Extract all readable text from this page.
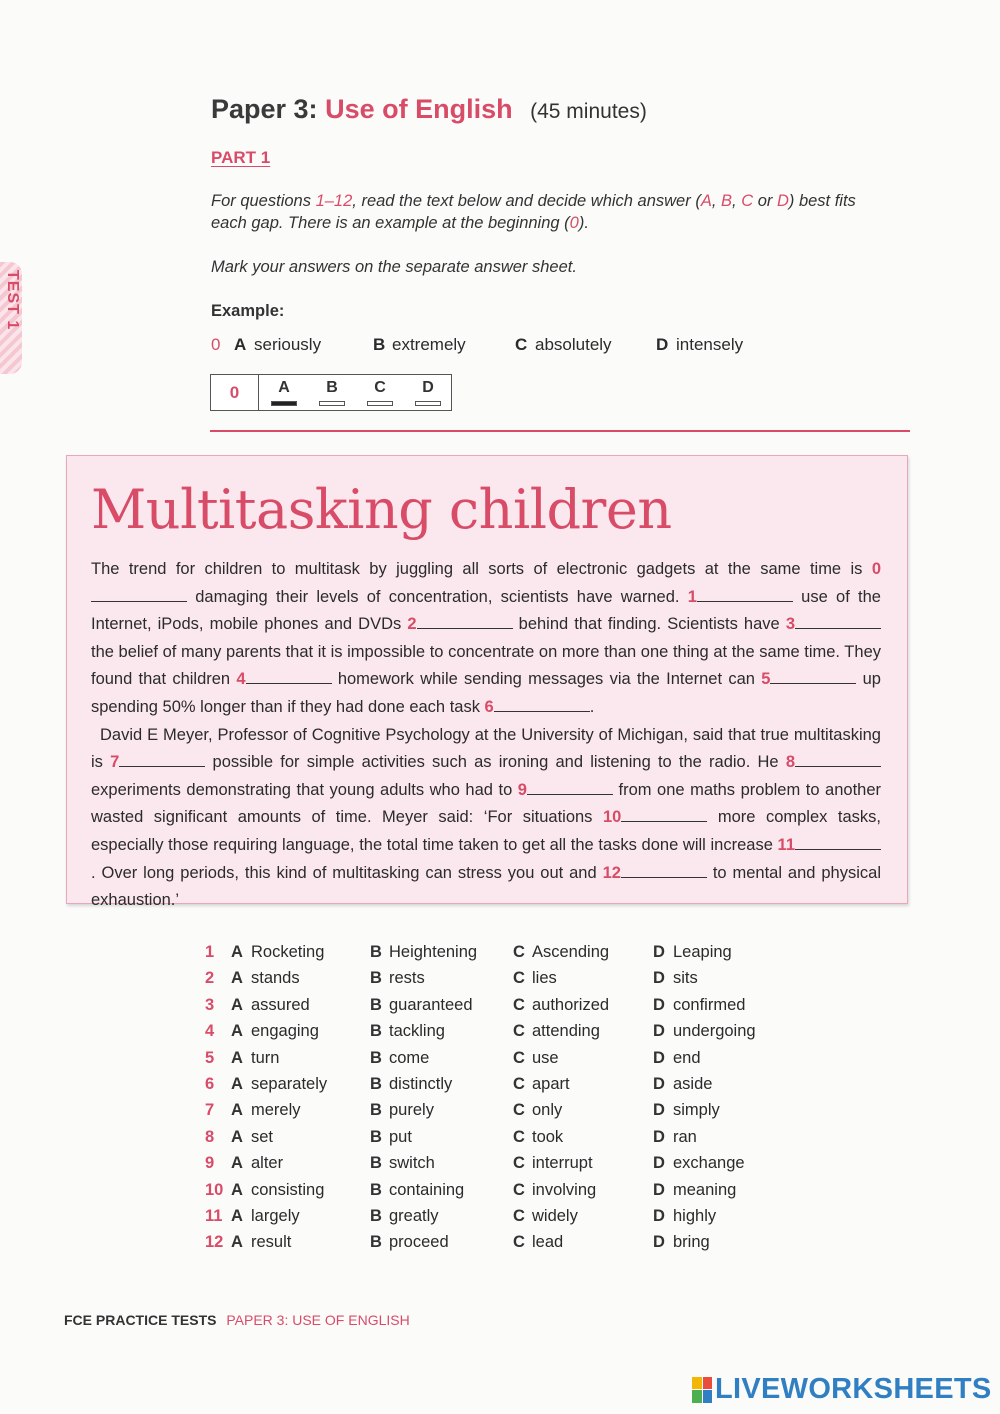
TEST 1
Paper 3: Use of English (45 minutes)
PART 1
For questions 1–12, read the text below and decide which answer (A, B, C or D) best fits each gap. There is an example at the beginning (0).
Mark your answers on the separate answer sheet.
Example:
0 A seriously	B extremely	C absolutely	D intensely
0	A	B	C	D
Multitasking children

The trend for children to multitask by juggling all sorts of electronic gadgets at the same time is 0 damaging their levels of concentration, scientists have warned. 1	use of the Internet, iPods, mobile phones and DVDs 2	behind that finding. Scientists have 3 the belief of many parents that it is impossible to concentrate on more than one thing at the same time. They found that children 4	homework while sending messages via the Internet can 5	up spending 50% longer than if they had done each task 6	.

David E Meyer, Professor of Cognitive Psychology at the University of Michigan, said that true multitasking is 7	possible for simple activities such as ironing and listening to the radio. He 8 experiments demonstrating that young adults who had to 9	from one maths problem to another wasted significant amounts of time. Meyer said: ‘For situations 10	more complex tasks, especially those requiring language, the total time taken to get all the tasks done will increase 11 . Over long periods, this kind of multitasking can stress you out and 12	to mental and physical exhaustion.’

1 A Rocketing	B Heightening C Ascending	D Leaping
2 A stands	B rests	C lies	D sits
3 A assured	B guaranteed C authorized	D confirmed
4 A engaging	B tackling	C attending	D undergoing
5 A turn	B come	C use	D end
6 A separately	B distinctly	C apart	D aside
7 A merely	B purely	C only	D simply
8 A set	B put	C took	D ran
9 A alter	B switch	C interrupt	D exchange
10 A consisting	B containing	C involving	D meaning
11 A largely	B greatly	C widely	D highly
12 A result	B proceed	C lead	D bring
FCE PRACTICE TESTS PAPER 3: USE OF ENGLISH
LIVEWORKSHEETS
